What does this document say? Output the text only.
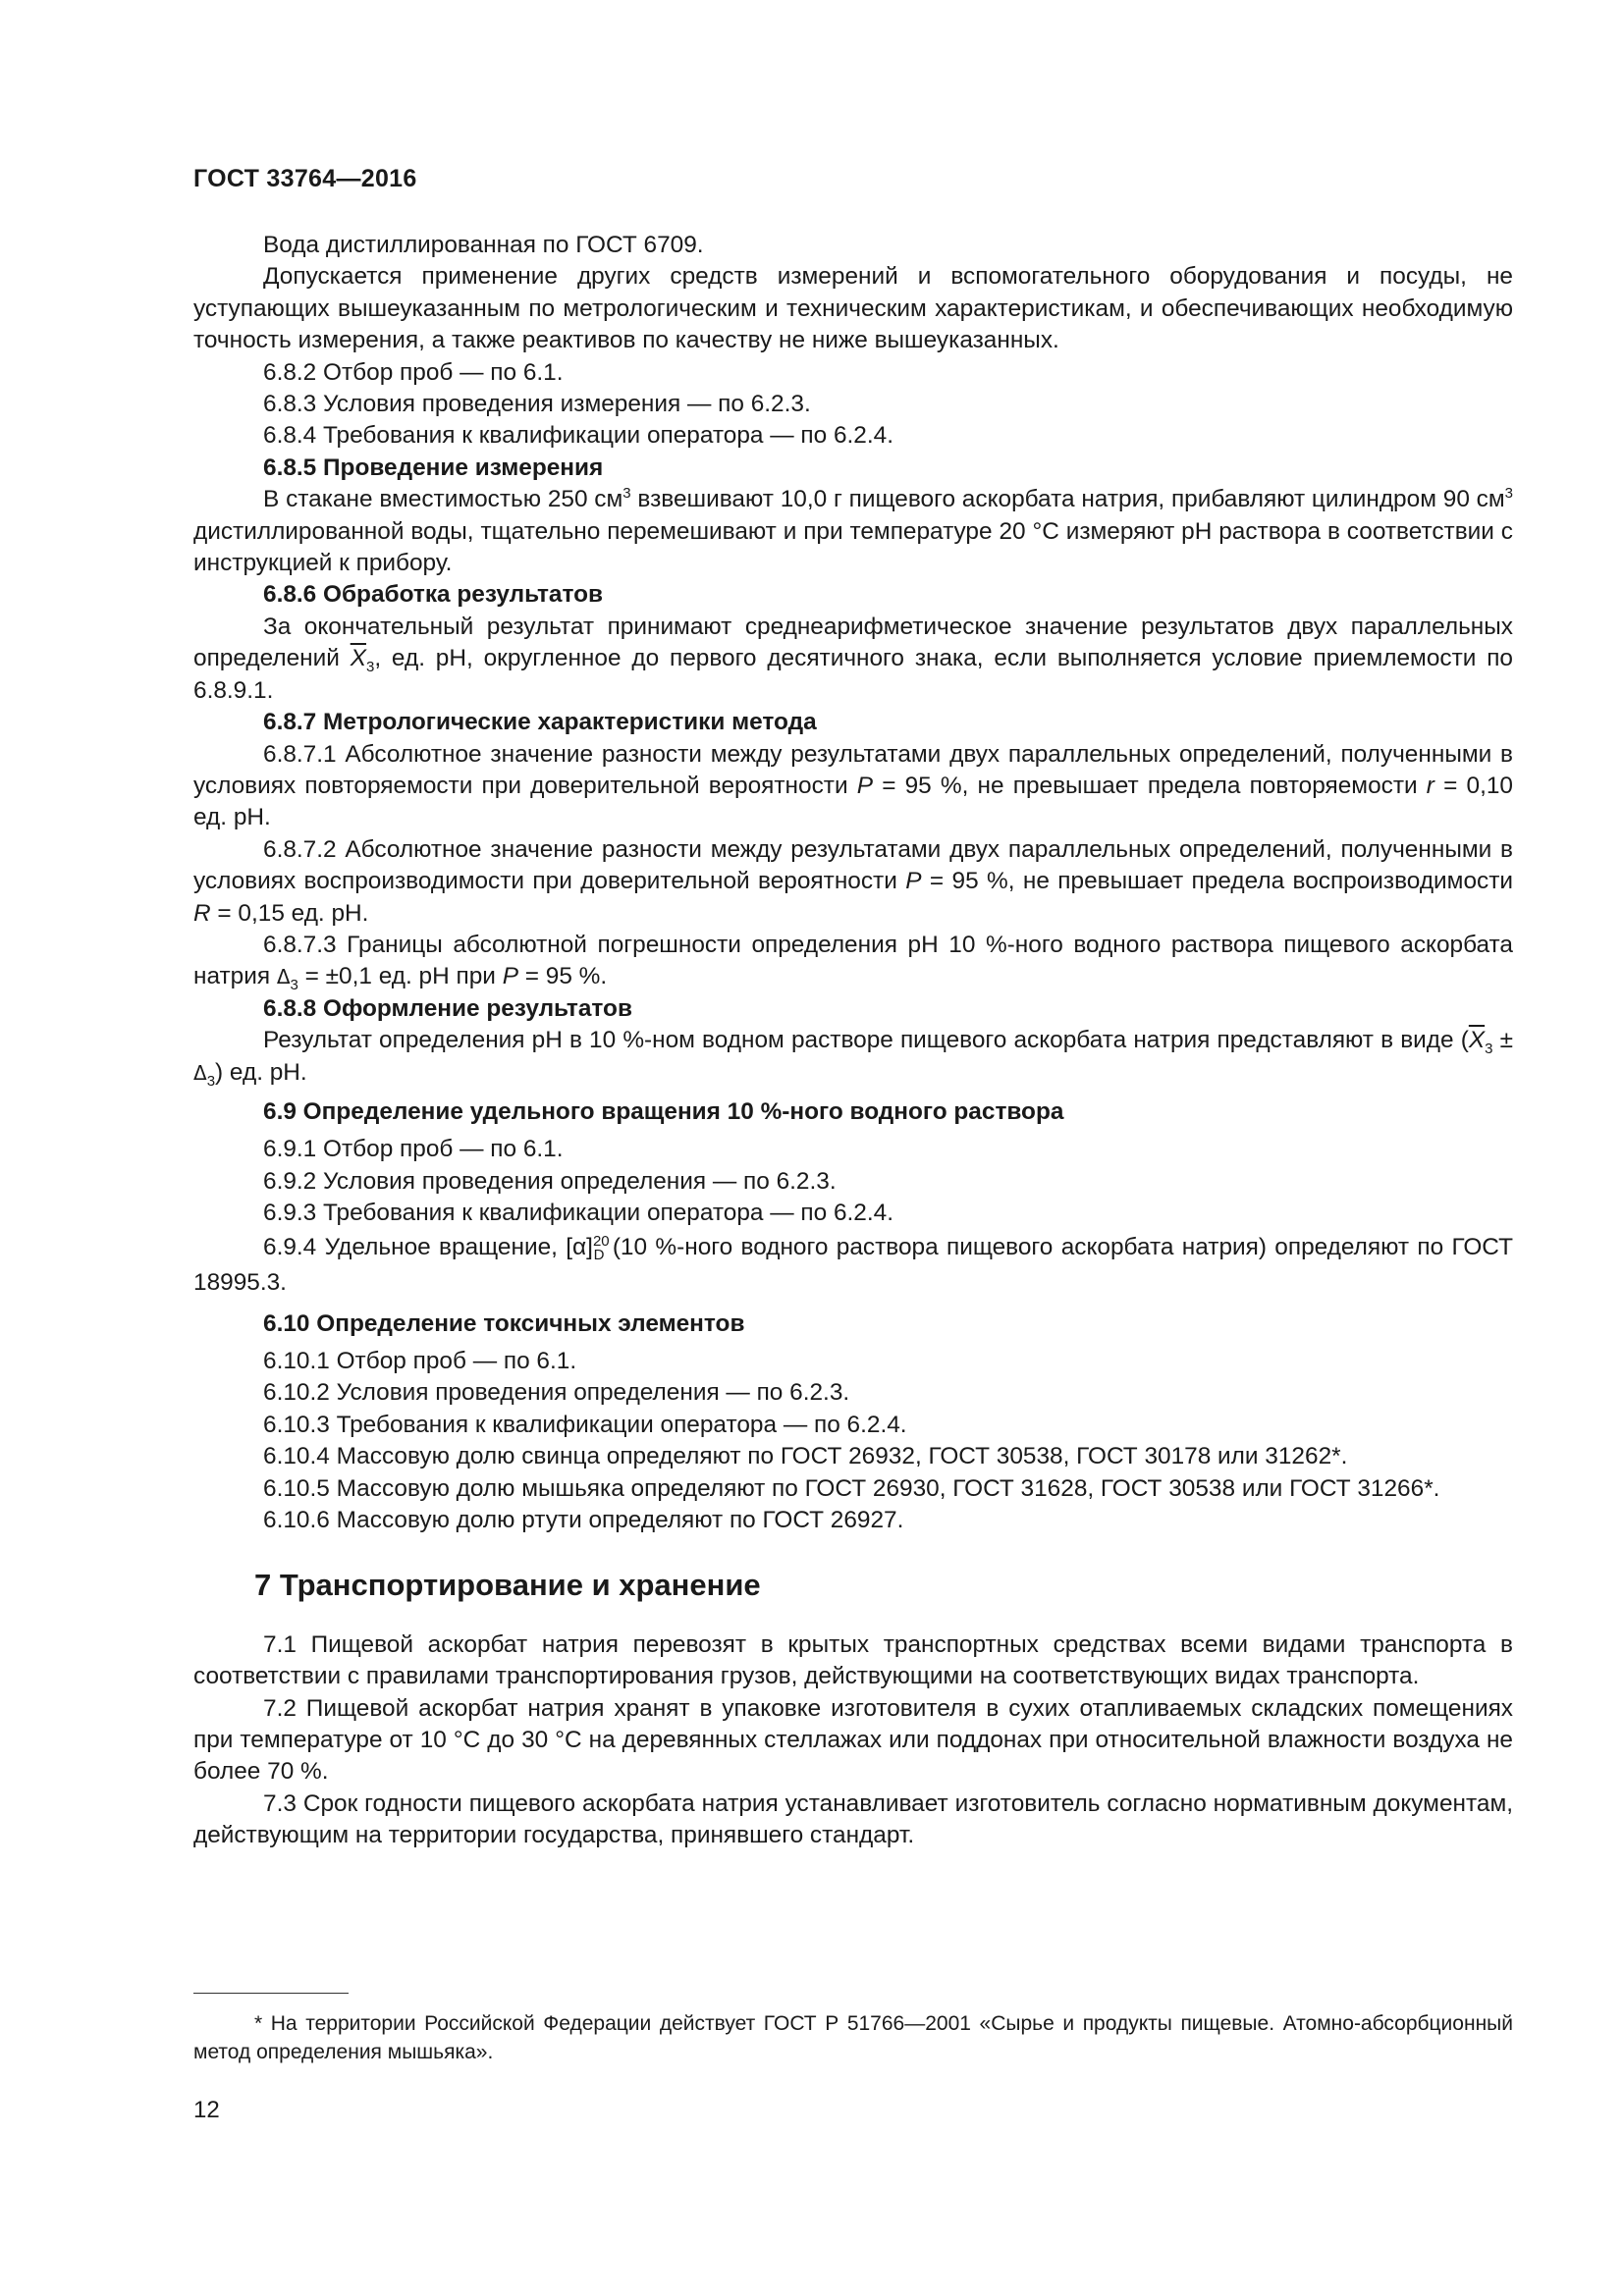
ГОСТ 33764—2016

Вода дистиллированная по ГОСТ 6709.

Допускается применение других средств измерений и вспомогательного оборудования и посуды, не уступающих вышеуказанным по метрологическим и техническим характеристикам, и обеспечивающих необходимую точность измерения, а также реактивов по качеству не ниже вышеуказанных.

6.8.2 Отбор проб — по 6.1.

6.8.3 Условия проведения измерения — по 6.2.3.

6.8.4 Требования к квалификации оператора — по 6.2.4.

6.8.5 Проведение измерения

В стакане вместимостью 250 $см^3$ взвешивают 10,0 г пищевого аскорбата натрия, прибавляют цилиндром 90 $см^3$ дистиллированной воды, тщательно перемешивают и при температуре 20 °С измеряют pH раствора в соответствии с инструкцией к прибору.

6.8.6 Обработка результатов

За окончательный результат принимают среднеарифметическое значение результатов двух параллельных определений $\overline{X}_3$, ед. pH, округленное до первого десятичного знака, если выполняется условие приемлемости по 6.8.9.1.

6.8.7 Метрологические характеристики метода

6.8.7.1 Абсолютное значение разности между результатами двух параллельных определений, полученными в условиях повторяемости при доверительной вероятности P = 95 %, не превышает предела повторяемости r = 0,10 ед. pH.

6.8.7.2 Абсолютное значение разности между результатами двух параллельных определений, полученными в условиях воспроизводимости при доверительной вероятности P = 95 %, не превышает предела воспроизводимости R = 0,15 ед. pH.

6.8.7.3 Границы абсолютной погрешности определения pH 10 %-ного водного раствора пищевого аскорбата натрия $\Delta_3 = \pm 0,1$ ед. pH при P = 95 %.

6.8.8 Оформление результатов

Результат определения pH в 10 %-ном водном растворе пищевого аскорбата натрия представляют в виде $(\overline{X}_3 \pm \Delta_3)$ ед. pH.

6.9 Определение удельного вращения 10 %-ного водного раствора

6.9.1 Отбор проб — по 6.1.

6.9.2 Условия проведения определения — по 6.2.3.

6.9.3 Требования к квалификации оператора — по 6.2.4.

6.9.4 Удельное вращение, $[\alpha]^{20}_D$ (10 %-ного водного раствора пищевого аскорбата натрия) определяют по ГОСТ 18995.3.

6.10 Определение токсичных элементов

6.10.1 Отбор проб — по 6.1.

6.10.2 Условия проведения определения — по 6.2.3.

6.10.3 Требования к квалификации оператора — по 6.2.4.

6.10.4 Массовую долю свинца определяют по ГОСТ 26932, ГОСТ 30538, ГОСТ 30178 или 31262*.

6.10.5 Массовую долю мышьяка определяют по ГОСТ 26930, ГОСТ 31628, ГОСТ 30538 или ГОСТ 31266*.

6.10.6 Массовую долю ртути определяют по ГОСТ 26927.

7 Транспортирование и хранение

7.1 Пищевой аскорбат натрия перевозят в крытых транспортных средствах всеми видами транспорта в соответствии с правилами транспортирования грузов, действующими на соответствующих видах транспорта.

7.2 Пищевой аскорбат натрия хранят в упаковке изготовителя в сухих отапливаемых складских помещениях при температуре от 10 °С до 30 °С на деревянных стеллажах или поддонах при относительной влажности воздуха не более 70 %.

7.3 Срок годности пищевого аскорбата натрия устанавливает изготовитель согласно нормативным документам, действующим на территории государства, принявшего стандарт.

* На территории Российской Федерации действует ГОСТ Р 51766—2001 «Сырье и продукты пищевые. Атомно-абсорбционный метод определения мышьяка».

12
